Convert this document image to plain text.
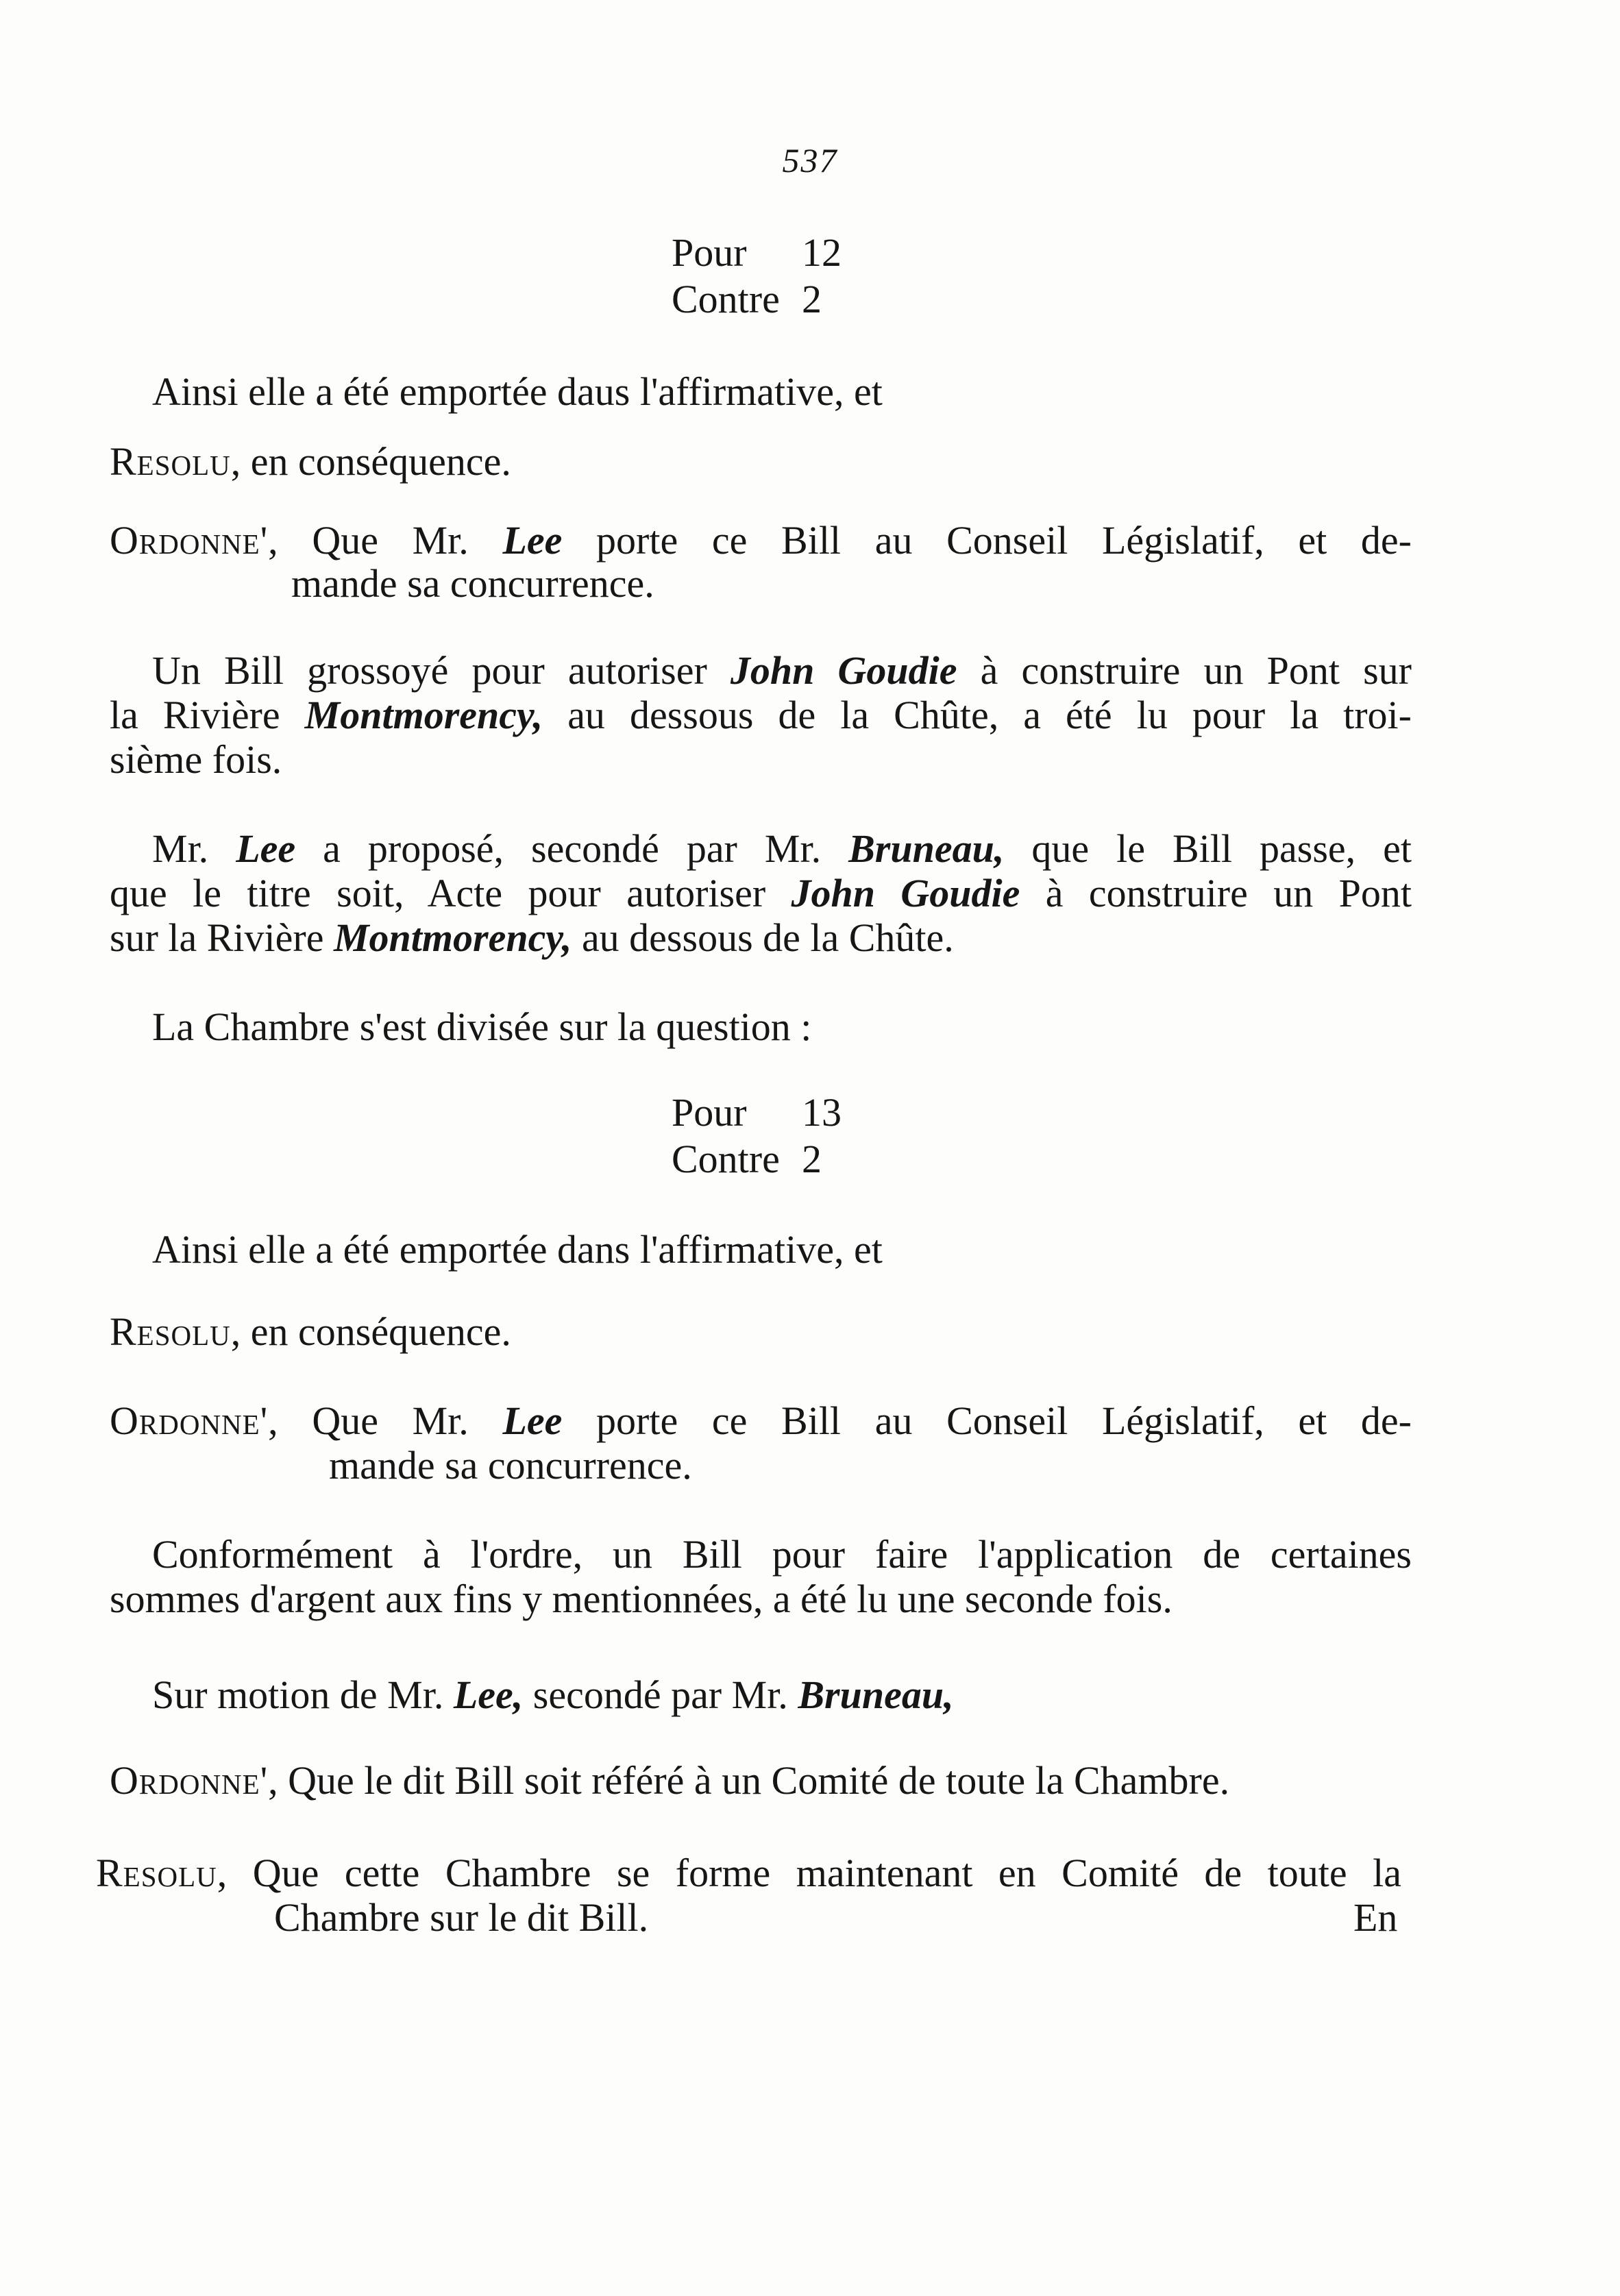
537
Pour	12
Contre 2
Ainsi elle a été emportée daus l'affirmative, et
Resolu, en conséquence.
Ordonne', Que Mr. Lee porte ce Bill au Conseil Législatif, et de-
mande sa concurrence.
Un Bill grossoyé pour autoriser John Goudie à construire un Pont sur
la Rivière Montmorency, au dessous de la Chûte, a été lu pour la troi-
sième fois.
Mr. Lee a proposé, secondé par Mr. Bruneau, que le Bill passe, et
que le titre soit, Acte pour autoriser John Goudie à construire un Pont
sur la Rivière Montmorency, au dessous de la Chûte.
La Chambre s'est divisée sur la question :
Pour	13
Contre 2
Ainsi elle a été emportée dans l'affirmative, et
Resolu, en conséquence.
Ordonne', Que Mr. Lee porte ce Bill au Conseil Législatif, et de-
mande sa concurrence.
Conformément à l'ordre, un Bill pour faire l'application de certaines
sommes d'argent aux fins y mentionnées, a été lu une seconde fois.
Sur motion de Mr. Lee, secondé par Mr. Bruneau,
Ordonne', Que le dit Bill soit référé à un Comité de toute la Chambre.
Resolu, Que cette Chambre se forme maintenant en Comité de toute la
Chambre sur le dit Bill.	En
